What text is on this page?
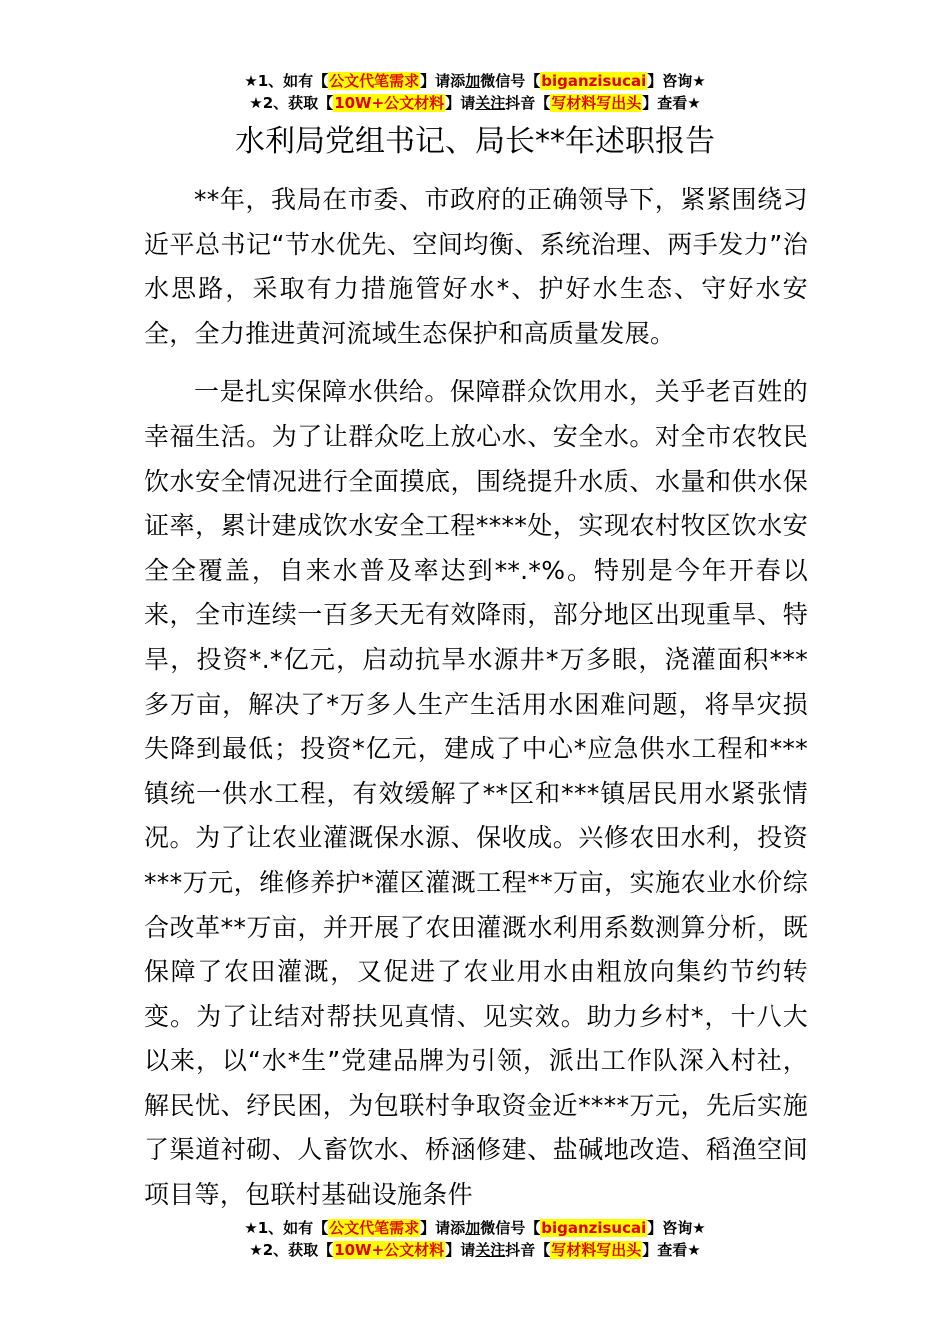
★1、如有【公文代笔需求】请添加微信号【biganzisucai】咨询★
★2、获取【10W+公文材料】请关注抖音【写材料写出头】查看★
水利局党组书记、局长**年述职报告

**年，我局在市委、市政府的正确领导下，紧紧围绕习近平总书记“节水优先、空间均衡、系统治理、两手发力”治水思路，采取有力措施管好水*、护好水生态、守好水安全，全力推进黄河流域生态保护和高质量发展。

一是扎实保障水供给。保障群众饮用水，关乎老百姓的幸福生活。为了让群众吃上放心水、安全水。对全市农牧民饮水安全情况进行全面摸底，围绕提升水质、水量和供水保证率，累计建成饮水安全工程****处，实现农村牧区饮水安全全覆盖，自来水普及率达到**.*%。特别是今年开春以来，全市连续一百多天无有效降雨，部分地区出现重旱、特旱，投资*.*亿元，启动抗旱水源井*万多眼，浇灌面积***多万亩，解决了*万多人生产生活用水困难问题，将旱灾损失降到最低；投资*亿元，建成了中心*应急供水工程和***镇统一供水工程，有效缓解了**区和***镇居民用水紧张情况。为了让农业灌溉保水源、保收成。兴修农田水利，投资***万元，维修养护*灌区灌溉工程**万亩，实施农业水价综合改革**万亩，并开展了农田灌溉水利用系数测算分析，既保障了农田灌溉，又促进了农业用水由粗放向集约节约转变。为了让结对帮扶见真情、见实效。助力乡村*，十八大以来，以“水*生”党建品牌为引领，派出工作队深入村社，解民忧、纾民困，为包联村争取资金近****万元，先后实施了渠道衬砌、人畜饮水、桥涵修建、盐碱地改造、稻渔空间项目等，包联村基础设施条件

★1、如有【公文代笔需求】请添加微信号【biganzisucai】咨询★
★2、获取【10W+公文材料】请关注抖音【写材料写出头】查看★
